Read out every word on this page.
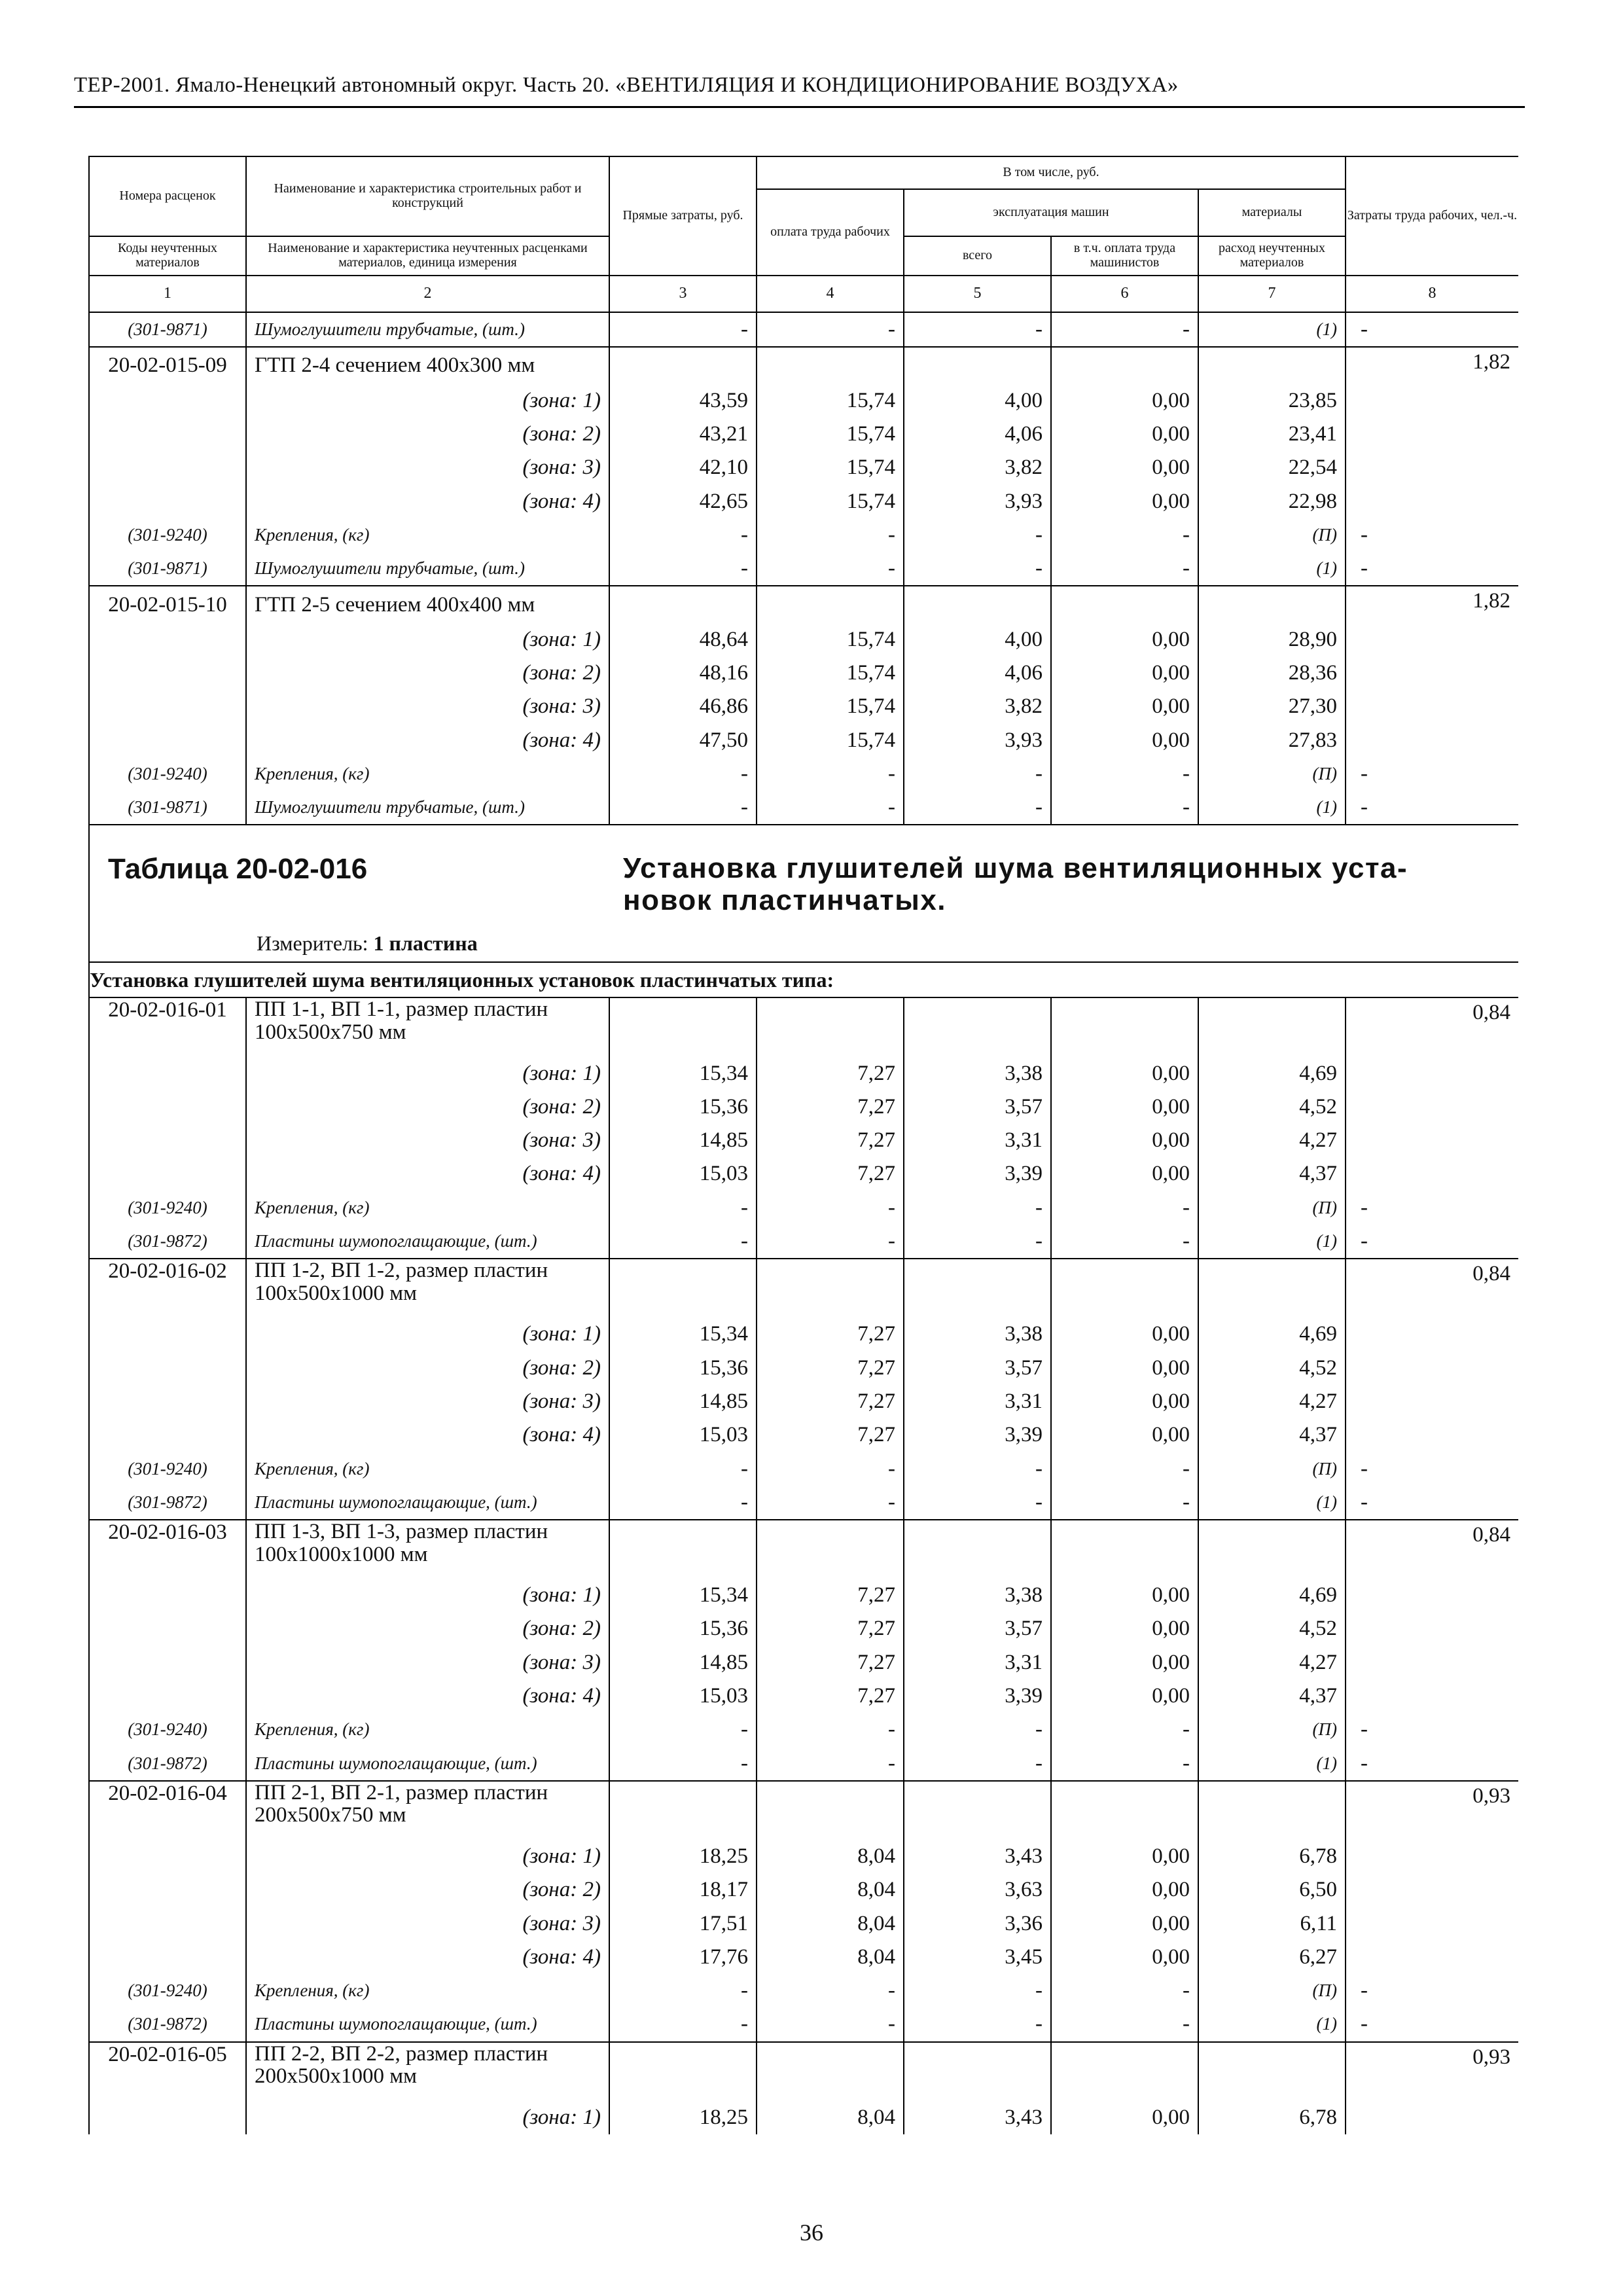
ТЕР-2001. Ямало-Ненецкий автономный округ. Часть 20. «ВЕНТИЛЯЦИЯ И КОНДИЦИОНИРОВАНИЕ ВОЗДУХА»
Номера расценок	Наименование и характеристика строительных работ и конструкций	Прямые затраты, руб.	В том числе, руб.				Затраты труда рабочих, чел.-ч.
			оплата труда рабочих	эксплуатация машин		материалы	
Коды неучтенных материалов	Наименование и характеристика неучтенных расценками материалов, единица измерения			всего	в т.ч. оплата труда машинистов	расход неучтенных материалов	

1	2	3	4	5	6	7	8
(301-9871)	Шумоглушители трубчатые, (шт.)	-	-	-	-	(1)	-
20-02-015-09	ГТП 2-4 сечением 400х300 мм						1,82
	(зона: 1)	43,59	15,74	4,00	0,00	23,85	
	(зона: 2)	43,21	15,74	4,06	0,00	23,41	
	(зона: 3)	42,10	15,74	3,82	0,00	22,54	
	(зона: 4)	42,65	15,74	3,93	0,00	22,98	
(301-9240)	Крепления, (кг)	-	-	-	-	(П)	-
(301-9871)	Шумоглушители трубчатые, (шт.)	-	-	-	-	(1)	-
20-02-015-10	ГТП 2-5 сечением 400х400 мм						1,82
	(зона: 1)	48,64	15,74	4,00	0,00	28,90	
	(зона: 2)	48,16	15,74	4,06	0,00	28,36	
	(зона: 3)	46,86	15,74	3,82	0,00	27,30	
	(зона: 4)	47,50	15,74	3,93	0,00	27,83	
(301-9240)	Крепления, (кг)	-	-	-	-	(П)	-
(301-9871)	Шумоглушители трубчатые, (шт.)	-	-	-	-	(1)	-

Таблица 20-02-016 Установка глушителей шума вентиляционных уста-новок пластинчатых.
Измеритель: 1 пластина							

Установка глушителей шума вентиляционных установок пластинчатых типа:							
20-02-016-01	ПП 1-1, ВП 1-1, размер пластин
100х500х750 мм						0,84
	(зона: 1)	15,34	7,27	3,38	0,00	4,69	
	(зона: 2)	15,36	7,27	3,57	0,00	4,52	
	(зона: 3)	14,85	7,27	3,31	0,00	4,27	
	(зона: 4)	15,03	7,27	3,39	0,00	4,37	
(301-9240)	Крепления, (кг)	-	-	-	-	(П)	-
(301-9872)	Пластины шумопоглащающие, (шт.)	-	-	-	-	(1)	-
20-02-016-02	ПП 1-2, ВП 1-2, размер пластин
100х500х1000 мм						0,84
	(зона: 1)	15,34	7,27	3,38	0,00	4,69	
	(зона: 2)	15,36	7,27	3,57	0,00	4,52	
	(зона: 3)	14,85	7,27	3,31	0,00	4,27	
	(зона: 4)	15,03	7,27	3,39	0,00	4,37	
(301-9240)	Крепления, (кг)	-	-	-	-	(П)	-
(301-9872)	Пластины шумопоглащающие, (шт.)	-	-	-	-	(1)	-
20-02-016-03	ПП 1-3, ВП 1-3, размер пластин
100х1000х1000 мм						0,84
	(зона: 1)	15,34	7,27	3,38	0,00	4,69	
	(зона: 2)	15,36	7,27	3,57	0,00	4,52	
	(зона: 3)	14,85	7,27	3,31	0,00	4,27	
	(зона: 4)	15,03	7,27	3,39	0,00	4,37	
(301-9240)	Крепления, (кг)	-	-	-	-	(П)	-
(301-9872)	Пластины шумопоглащающие, (шт.)	-	-	-	-	(1)	-
20-02-016-04	ПП 2-1, ВП 2-1, размер пластин
200х500х750 мм						0,93
	(зона: 1)	18,25	8,04	3,43	0,00	6,78	
	(зона: 2)	18,17	8,04	3,63	0,00	6,50	
	(зона: 3)	17,51	8,04	3,36	0,00	6,11	
	(зона: 4)	17,76	8,04	3,45	0,00	6,27	
(301-9240)	Крепления, (кг)	-	-	-	-	(П)	-
(301-9872)	Пластины шумопоглащающие, (шт.)	-	-	-	-	(1)	-
20-02-016-05	ПП 2-2, ВП 2-2, размер пластин
200х500х1000 мм						0,93
	(зона: 1)	18,25	8,04	3,43	0,00	6,78	
36
